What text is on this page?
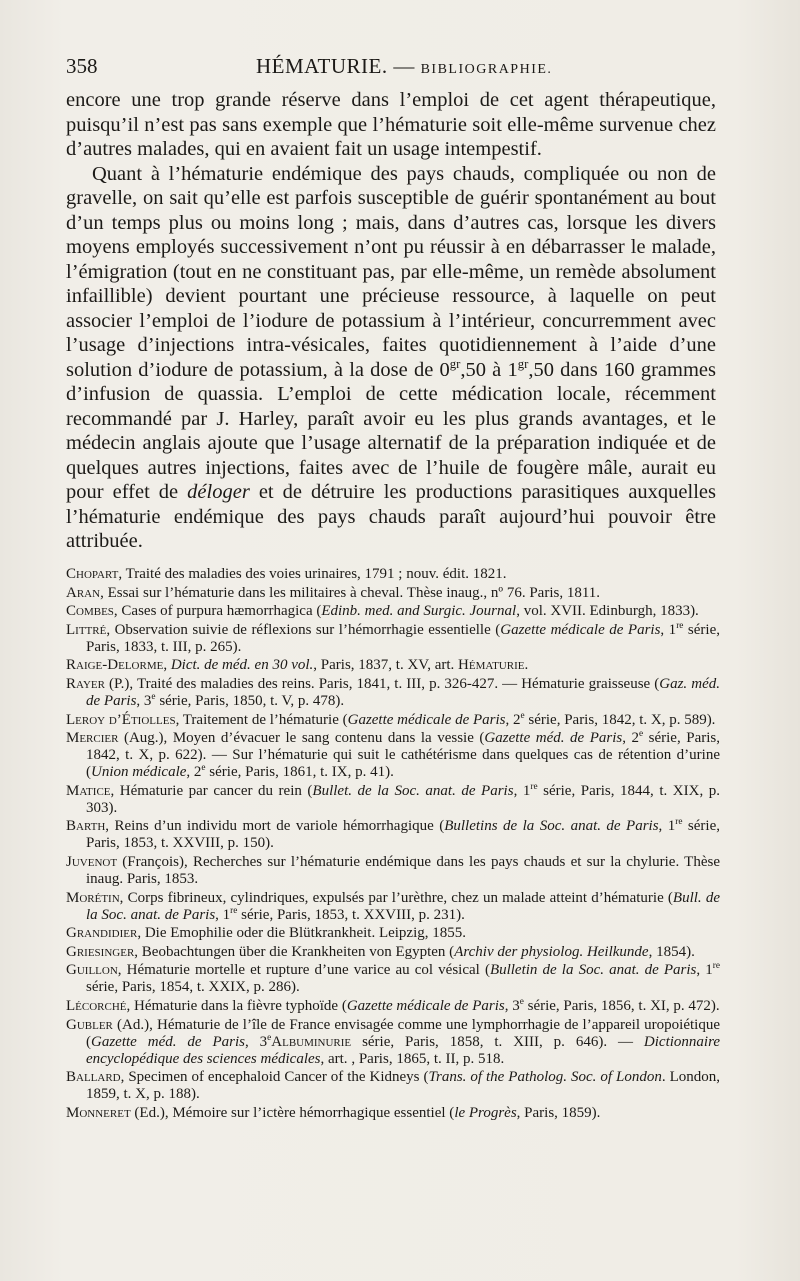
358	HÉMATURIE. — BIBLIOGRAPHIE.

encore une trop grande réserve dans l’emploi de cet agent thérapeutique, puisqu’il n’est pas sans exemple que l’hématurie soit elle-même survenue chez d’autres malades, qui en avaient fait un usage intempestif.

Quant à l’hématurie endémique des pays chauds, compliquée ou non de gravelle, on sait qu’elle est parfois susceptible de guérir spontanément au bout d’un temps plus ou moins long ; mais, dans d’autres cas, lorsque les divers moyens employés successivement n’ont pu réussir à en débarrasser le malade, l’émigration (tout en ne constituant pas, par elle-même, un remède absolument infaillible) devient pourtant une précieuse ressource, à laquelle on peut associer l’emploi de l’iodure de potassium à l’intérieur, concurremment avec l’usage d’injections intra-vésicales, faites quotidiennement à l’aide d’une solution d’iodure de potassium, à la dose de $0^{gr},50$ à $1^{gr},50$ dans 160 grammes d’infusion de quassia. L’emploi de cette médication locale, récemment recommandé par J. Harley, paraît avoir eu les plus grands avantages, et le médecin anglais ajoute que l’usage alternatif de la préparation indiquée et de quelques autres injections, faites avec de l’huile de fougère mâle, aurait eu pour effet de déloger et de détruire les productions parasitiques auxquelles l’hématurie endémique des pays chauds paraît aujourd’hui pouvoir être attribuée.

Chopart, Traité des maladies des voies urinaires, 1791 ; nouv. édit. 1821.

Aran, Essai sur l’hématurie dans les militaires à cheval. Thèse inaug., nº 76. Paris, 1811.

Combes, Cases of purpura hæmorrhagica (Edinb. med. and Surgic. Journal, vol. XVII. Edinburgh, 1833).

Littré, Observation suivie de réflexions sur l’hémorrhagie essentielle (Gazette médicale de Paris, 1re série, Paris, 1833, t. III, p. 265).

Raige-Delorme, Dict. de méd. en 30 vol., Paris, 1837, t. XV, art. Hématurie.

Rayer (P.), Traité des maladies des reins. Paris, 1841, t. III, p. 326-427. — Hématurie graisseuse (Gaz. méd. de Paris, 3e série, Paris, 1850, t. V, p. 478).

Leroy d’Étiolles, Traitement de l’hématurie (Gazette médicale de Paris, 2e série, Paris, 1842, t. X, p. 589).

Mercier (Aug.), Moyen d’évacuer le sang contenu dans la vessie (Gazette méd. de Paris, 2e série, Paris, 1842, t. X, p. 622). — Sur l’hématurie qui suit le cathétérisme dans quelques cas de rétention d’urine (Union médicale, 2e série, Paris, 1861, t. IX, p. 41).

Matice, Hématurie par cancer du rein (Bullet. de la Soc. anat. de Paris, 1re série, Paris, 1844, t. XIX, p. 303).

Barth, Reins d’un individu mort de variole hémorrhagique (Bulletins de la Soc. anat. de Paris, 1re série, Paris, 1853, t. XXVIII, p. 150).

Juvenot (François), Recherches sur l’hématurie endémique dans les pays chauds et sur la chylurie. Thèse inaug. Paris, 1853.

Morétin, Corps fibrineux, cylindriques, expulsés par l’urèthre, chez un malade atteint d’hématurie (Bull. de la Soc. anat. de Paris, 1re série, Paris, 1853, t. XXVIII, p. 231).

Grandidier, Die Emophilie oder die Blütkrankheit. Leipzig, 1855.

Griesinger, Beobachtungen über die Krankheiten von Egypten (Archiv der physiolog. Heilkunde, 1854).

Guillon, Hématurie mortelle et rupture d’une varice au col vésical (Bulletin de la Soc. anat. de Paris, 1re série, Paris, 1854, t. XXIX, p. 286).

Lécorché, Hématurie dans la fièvre typhoïde (Gazette médicale de Paris, 3e série, Paris, 1856, t. XI, p. 472).

Gubler (Ad.), Hématurie de l’île de France envisagée comme une lymphorrhagie de l’appareil uropoiétique (Gazette méd. de Paris, 3eAlbuminurie série, Paris, 1858, t. XIII, p. 646). — Dictionnaire encyclopédique des sciences médicales, art. , Paris, 1865, t. II, p. 518.

Ballard, Specimen of encephaloid Cancer of the Kidneys (Trans. of the Patholog. Soc. of London. London, 1859, t. X, p. 188).

Monneret (Ed.), Mémoire sur l’ictère hémorrhagique essentiel (le Progrès, Paris, 1859).
